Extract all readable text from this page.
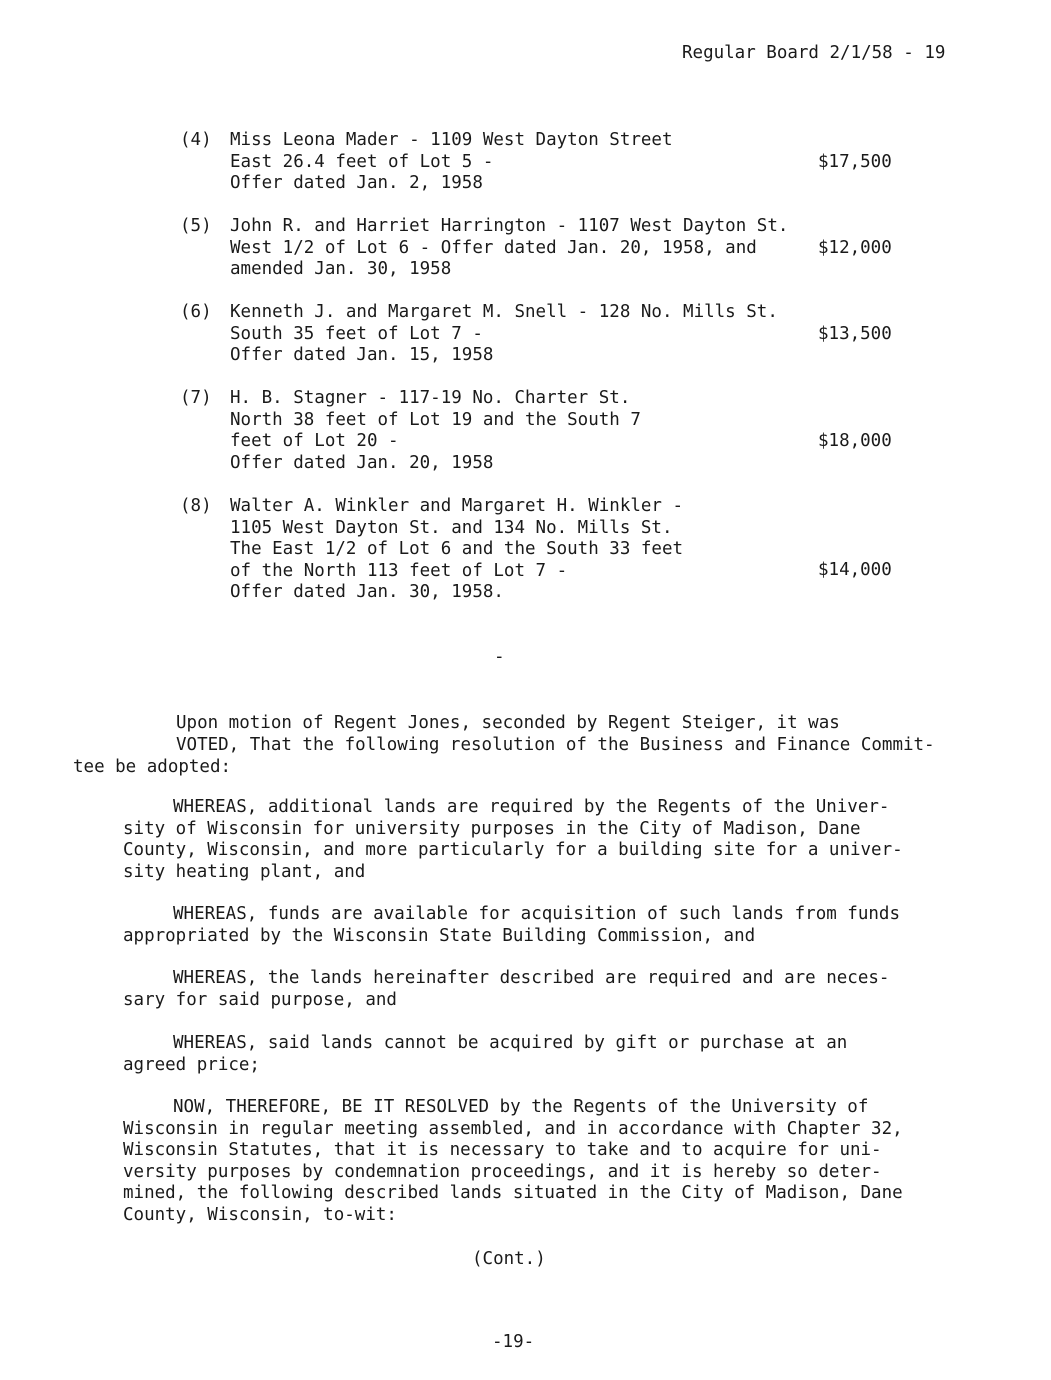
Regular Board 2/1/58 - 19
(4) Miss Leona Mader - 1109 West Dayton Street
East 26.4 feet of Lot 5 -
Offer dated Jan. 2, 1958
$17,500
(5) John R. and Harriet Harrington - 1107 West Dayton St.
West 1/2 of Lot 6 - Offer dated Jan. 20, 1958, and
amended Jan. 30, 1958
$12,000
(6) Kenneth J. and Margaret M. Snell - 128 No. Mills St.
South 35 feet of Lot 7 -
Offer dated Jan. 15, 1958
$13,500
(7) H. B. Stagner - 117-19 No. Charter St.
North 38 feet of Lot 19 and the South 7
feet of Lot 20 -
Offer dated Jan. 20, 1958
$18,000
(8) Walter A. Winkler and Margaret H. Winkler -
1105 West Dayton St. and 134 No. Mills St.
The East 1/2 of Lot 6 and the South 33 feet
of the North 113 feet of Lot 7 -
Offer dated Jan. 30, 1958.
$14,000
-
Upon motion of Regent Jones, seconded by Regent Steiger, it was
VOTED, That the following resolution of the Business and Finance Commit-
tee be adopted:
WHEREAS, additional lands are required by the Regents of the Univer-
sity of Wisconsin for university purposes in the City of Madison, Dane
County, Wisconsin, and more particularly for a building site for a univer-
sity heating plant, and
WHEREAS, funds are available for acquisition of such lands from funds
appropriated by the Wisconsin State Building Commission, and
WHEREAS, the lands hereinafter described are required and are neces-
sary for said purpose, and
WHEREAS, said lands cannot be acquired by gift or purchase at an
agreed price;
NOW, THEREFORE, BE IT RESOLVED by the Regents of the University of
Wisconsin in regular meeting assembled, and in accordance with Chapter 32,
Wisconsin Statutes, that it is necessary to take and to acquire for uni-
versity purposes by condemnation proceedings, and it is hereby so deter-
mined, the following described lands situated in the City of Madison, Dane
County, Wisconsin, to-wit:
(Cont.)
-19-
